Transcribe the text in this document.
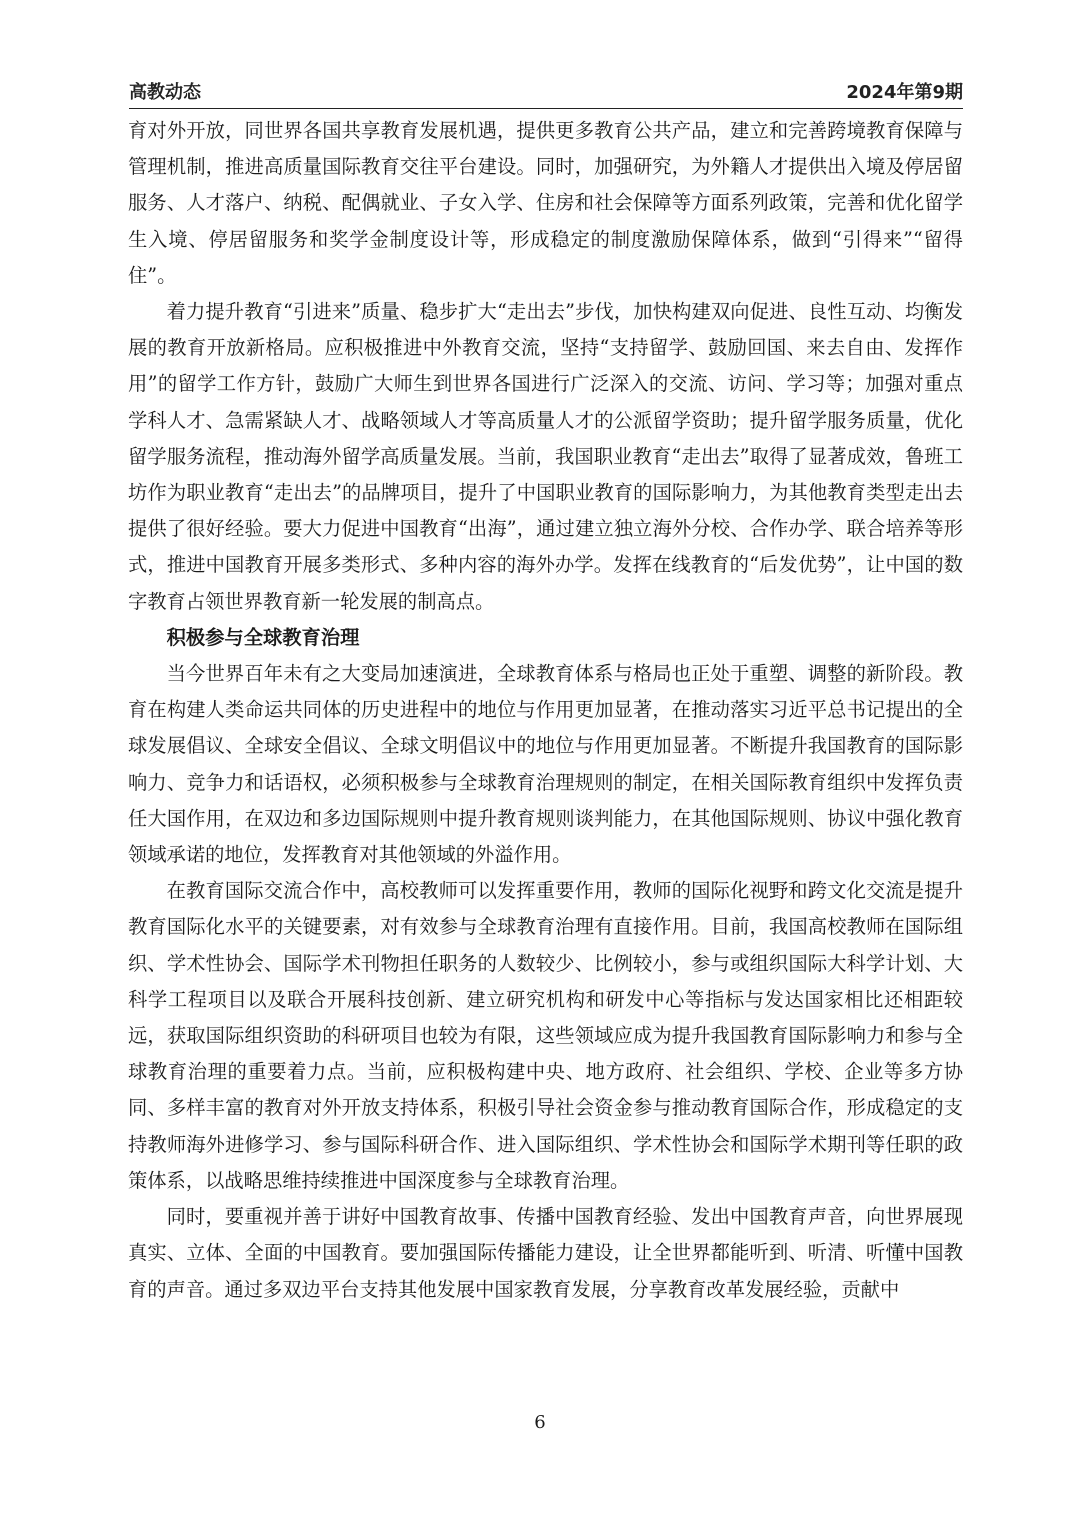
高教动态	2024年第9期

育对外开放，同世界各国共享教育发展机遇，提供更多教育公共产品，建立和完善跨境教育保障与管理机制，推进高质量国际教育交往平台建设。同时，加强研究，为外籍人才提供出入境及停居留服务、人才落户、纳税、配偶就业、子女入学、住房和社会保障等方面系列政策，完善和优化留学生入境、停居留服务和奖学金制度设计等，形成稳定的制度激励保障体系，做到“引得来”“留得住”。

着力提升教育“引进来”质量、稳步扩大“走出去”步伐，加快构建双向促进、良性互动、均衡发展的教育开放新格局。应积极推进中外教育交流，坚持“支持留学、鼓励回国、来去自由、发挥作用”的留学工作方针，鼓励广大师生到世界各国进行广泛深入的交流、访问、学习等；加强对重点学科人才、急需紧缺人才、战略领域人才等高质量人才的公派留学资助；提升留学服务质量，优化留学服务流程，推动海外留学高质量发展。当前，我国职业教育“走出去”取得了显著成效，鲁班工坊作为职业教育“走出去”的品牌项目，提升了中国职业教育的国际影响力，为其他教育类型走出去提供了很好经验。要大力促进中国教育“出海”，通过建立独立海外分校、合作办学、联合培养等形式，推进中国教育开展多类形式、多种内容的海外办学。发挥在线教育的“后发优势”，让中国的数字教育占领世界教育新一轮发展的制高点。

积极参与全球教育治理

当今世界百年未有之大变局加速演进，全球教育体系与格局也正处于重塑、调整的新阶段。教育在构建人类命运共同体的历史进程中的地位与作用更加显著，在推动落实习近平总书记提出的全球发展倡议、全球安全倡议、全球文明倡议中的地位与作用更加显著。不断提升我国教育的国际影响力、竞争力和话语权，必须积极参与全球教育治理规则的制定，在相关国际教育组织中发挥负责任大国作用，在双边和多边国际规则中提升教育规则谈判能力，在其他国际规则、协议中强化教育领域承诺的地位，发挥教育对其他领域的外溢作用。

在教育国际交流合作中，高校教师可以发挥重要作用，教师的国际化视野和跨文化交流是提升教育国际化水平的关键要素，对有效参与全球教育治理有直接作用。目前，我国高校教师在国际组织、学术性协会、国际学术刊物担任职务的人数较少、比例较小，参与或组织国际大科学计划、大科学工程项目以及联合开展科技创新、建立研究机构和研发中心等指标与发达国家相比还相距较远，获取国际组织资助的科研项目也较为有限，这些领域应成为提升我国教育国际影响力和参与全球教育治理的重要着力点。当前，应积极构建中央、地方政府、社会组织、学校、企业等多方协同、多样丰富的教育对外开放支持体系，积极引导社会资金参与推动教育国际合作，形成稳定的支持教师海外进修学习、参与国际科研合作、进入国际组织、学术性协会和国际学术期刊等任职的政策体系，以战略思维持续推进中国深度参与全球教育治理。

同时，要重视并善于讲好中国教育故事、传播中国教育经验、发出中国教育声音，向世界展现真实、立体、全面的中国教育。要加强国际传播能力建设，让全世界都能听到、听清、听懂中国教育的声音。通过多双边平台支持其他发展中国家教育发展，分享教育改革发展经验，贡献中

6
